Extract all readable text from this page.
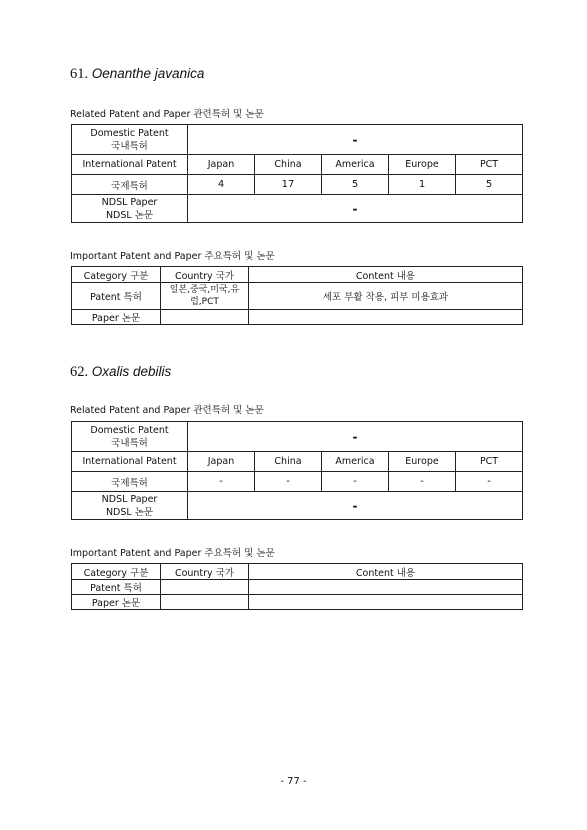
61. Oenanthe javanica
Related Patent and Paper 관련특허 및 논문
Domestic Patent
국내특허	-				
International Patent	Japan	China	America	Europe	PCT
국제특허	4	17	5	1	5

NDSL Paper
NDSL 논문	-				
Important Patent and Paper 주요특허 및 논문
Category 구분	Country 국가	Content 내용
Patent 특허	일본,중국,미국,유럽,PCT	세포 부활 작용, 피부 미용효과
Paper 논문		
62. Oxalis debilis
Related Patent and Paper 관련특허 및 논문
Domestic Patent
국내특허	-				
International Patent	Japan	China	America	Europe	PCT
국제특허	-	-	-	-	-

NDSL Paper
NDSL 논문	-				
Important Patent and Paper 주요특허 및 논문
Category 구분	Country 국가	Content 내용
Patent 특허		
Paper 논문		
- 77 -
